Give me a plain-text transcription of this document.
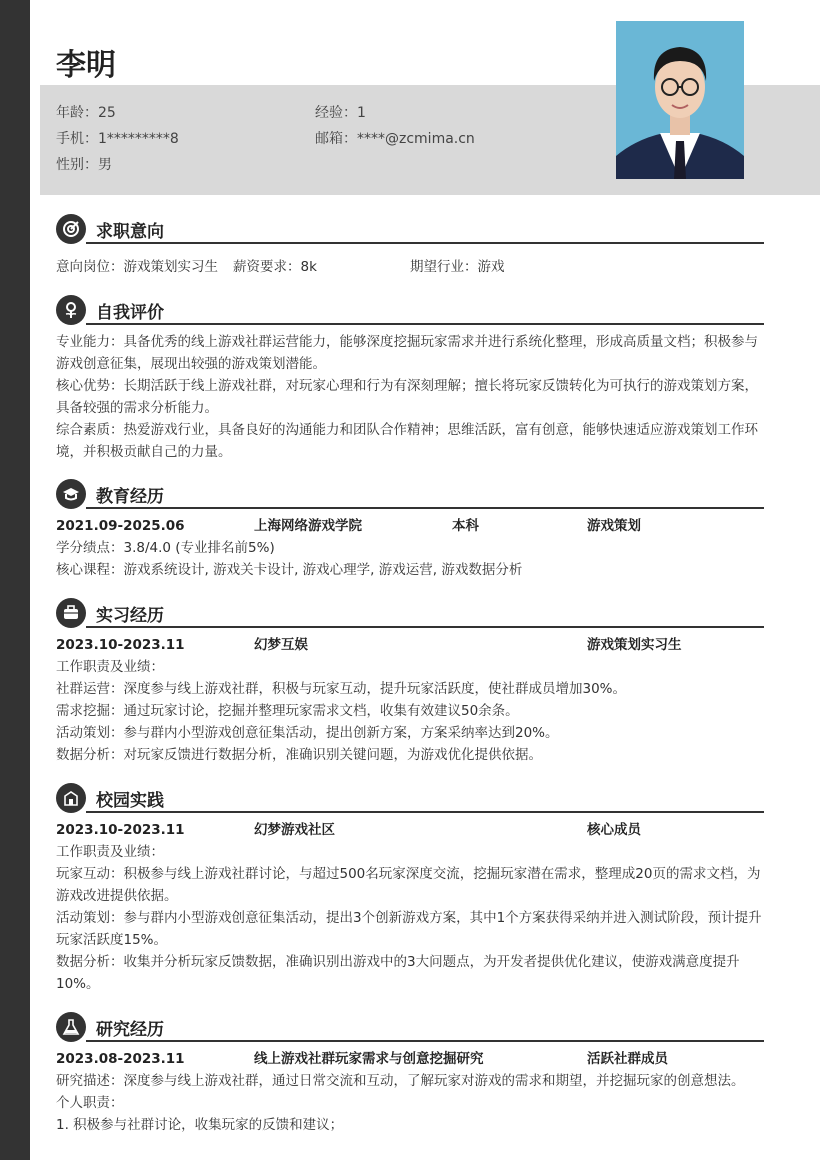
李明
年龄：25	经验：1
手机：1*********8	邮箱：****@zcmima.cn
性别：男
求职意向
意向岗位：游戏策划实习生 薪资要求：8k	期望行业：游戏
自我评价
专业能力：具备优秀的线上游戏社群运营能力，能够深度挖掘玩家需求并进行系统化整理，形成高质量文档；积极参与游戏创意征集，展现出较强的游戏策划潜能。
核心优势：长期活跃于线上游戏社群，对玩家心理和行为有深刻理解；擅长将玩家反馈转化为可执行的游戏策划方案，具备较强的需求分析能力。
综合素质：热爱游戏行业，具备良好的沟通能力和团队合作精神；思维活跃，富有创意，能够快速适应游戏策划工作环境，并积极贡献自己的力量。
教育经历
2021.09-2025.06	上海网络游戏学院	本科	游戏策划
学分绩点：3.8/4.0 (专业排名前5%)
核心课程：游戏系统设计, 游戏关卡设计, 游戏心理学, 游戏运营, 游戏数据分析
实习经历
2023.10-2023.11	幻梦互娱	游戏策划实习生
工作职责及业绩：
社群运营：深度参与线上游戏社群，积极与玩家互动，提升玩家活跃度，使社群成员增加30%。
需求挖掘：通过玩家讨论，挖掘并整理玩家需求文档，收集有效建议50余条。
活动策划：参与群内小型游戏创意征集活动，提出创新方案，方案采纳率达到20%。
数据分析：对玩家反馈进行数据分析，准确识别关键问题，为游戏优化提供依据。
校园实践
2023.10-2023.11	幻梦游戏社区	核心成员
工作职责及业绩：
玩家互动：积极参与线上游戏社群讨论，与超过500名玩家深度交流，挖掘玩家潜在需求，整理成20页的需求文档，为游戏改进提供依据。
活动策划：参与群内小型游戏创意征集活动，提出3个创新游戏方案，其中1个方案获得采纳并进入测试阶段，预计提升玩家活跃度15%。
数据分析：收集并分析玩家反馈数据，准确识别出游戏中的3大问题点，为开发者提供优化建议，使游戏满意度提升10%。
研究经历
2023.08-2023.11	线上游戏社群玩家需求与创意挖掘研究	活跃社群成员
研究描述：深度参与线上游戏社群，通过日常交流和互动，了解玩家对游戏的需求和期望，并挖掘玩家的创意想法。
个人职责：
1. 积极参与社群讨论，收集玩家的反馈和建议；
